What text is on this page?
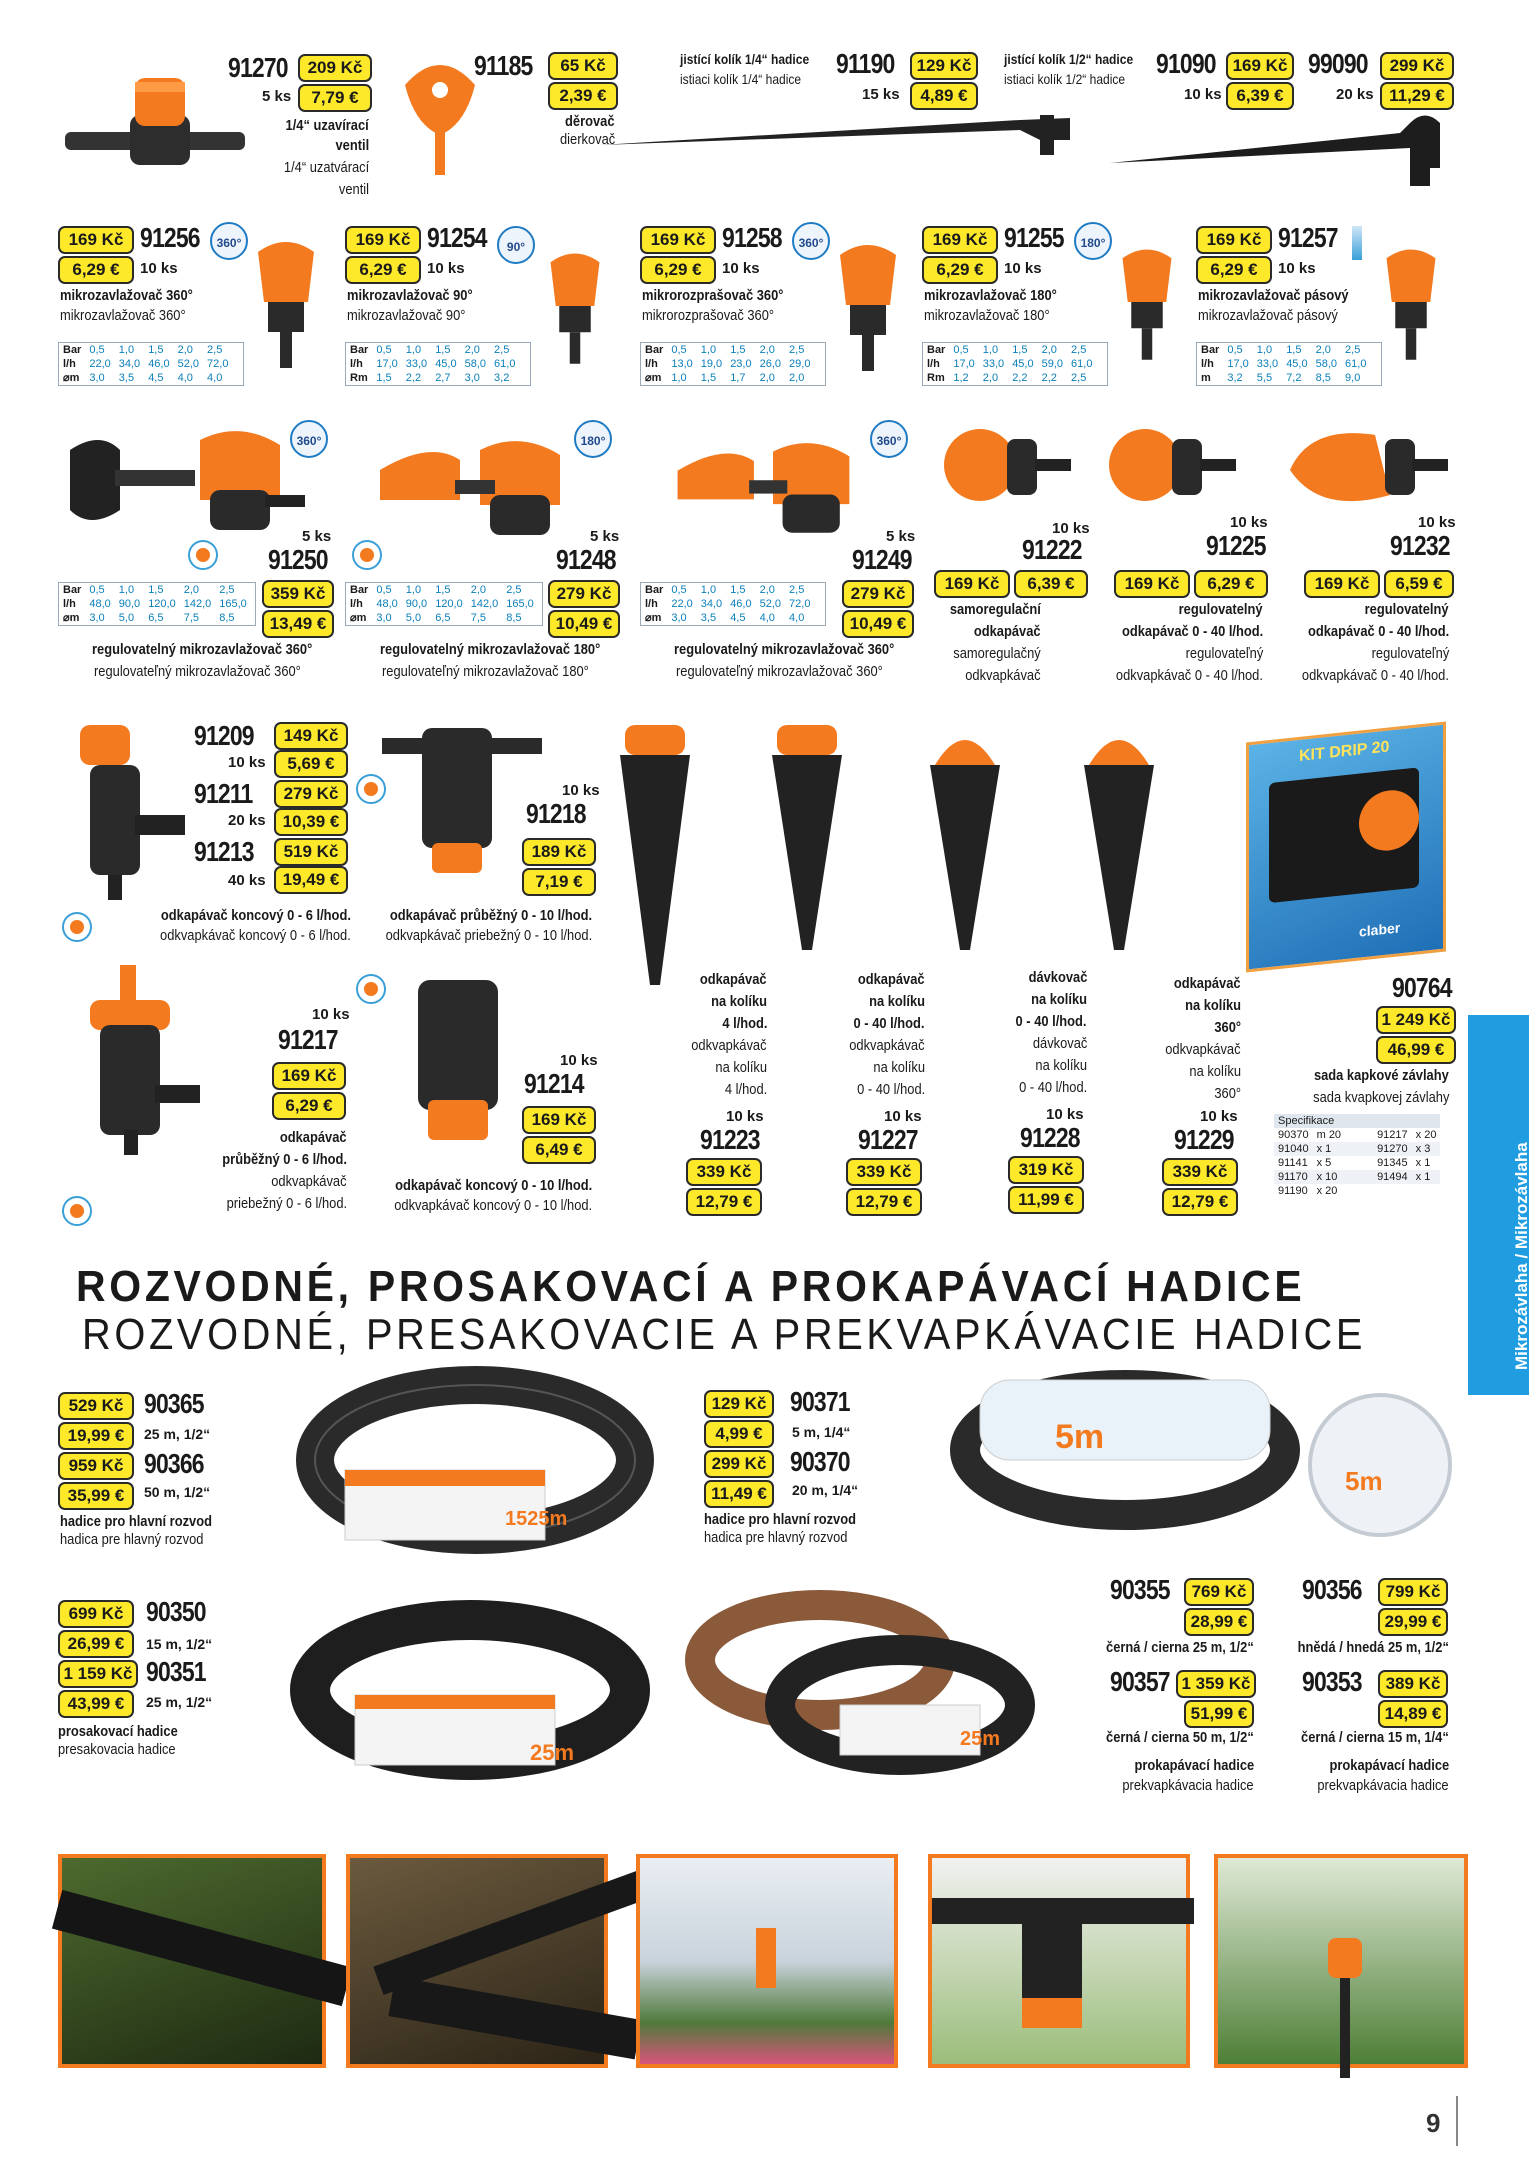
91270	209 Kč
5 ks	7,79 €
1/4“ uzavírací
ventil
1/4“ uzatvárací
ventil
91185	65 Kč
2,39 €
děrovač
dierkovač
jistící kolík 1/4“ hadice
istiaci kolík 1/4“ hadice 91190	129 Kč
15 ks	4,89 €
jistící kolík 1/2“ hadice
istiaci kolík 1/2“ hadice 91090 169 Kč
10 ks 6,39 €
99090	299 Kč
20 ks 11,29 €
169 Kč 91256	360°
6,29 €	10 ks
mikrozavlažovač 360°
mikrozavlažovač 360°
Bar	0,5	1,0	1,5	2,0	2,5
l/h	22,0	34,0	46,0	52,0	72,0
⌀m	3,0	3,5	4,5	4,0	4,0
169 Kč 91254	90°
6,29 €	10 ks
mikrozavlažovač 90°
mikrozavlažovač 90°
Bar	0,5	1,0	1,5	2,0	2,5
l/h	17,0	33,0	45,0	58,0	61,0
Rm	1,5	2,2	2,7	3,0	3,2
169 Kč 91258	360°
6,29 €	10 ks
mikrorozprašovač 360°
mikrorozprašovač 360°
Bar	0,5	1,0	1,5	2,0	2,5
l/h	13,0	19,0	23,0	26,0	29,0
⌀m	1,0	1,5	1,7	2,0	2,0
169 Kč 91255	180°
6,29 €	10 ks
mikrozavlažovač 180°
mikrozavlažovač 180°
Bar	0,5	1,0	1,5	2,0	2,5
l/h	17,0	33,0	45,0	59,0	61,0
Rm	1,2	2,0	2,2	2,2	2,5
169 Kč 91257
6,29 €	10 ks
mikrozavlažovač pásový
mikrozavlažovač pásový
Bar	0,5	1,0	1,5	2,0	2,5
l/h	17,0	33,0	45,0	58,0	61,0
m	3,2	5,5	7,2	8,5	9,0
360°
5 ks
91250
Bar	0,5	1,0	1,5	2,0	2,5
l/h	48,0	90,0	120,0	142,0	165,0
⌀m	3,0	5,0	6,5	7,5	8,5
359 Kč
13,49 €
regulovatelný mikrozavlažovač 360°
regulovateľný mikrozavlažovač 360°
180°
5 ks
91248
Bar	0,5	1,0	1,5	2,0	2,5
l/h	48,0	90,0	120,0	142,0	165,0
⌀m	3,0	5,0	6,5	7,5	8,5
279 Kč
10,49 €
regulovatelný mikrozavlažovač 180°
regulovateľný mikrozavlažovač 180°
360°
5 ks
91249
Bar	0,5	1,0	1,5	2,0	2,5
l/h	22,0	34,0	46,0	52,0	72,0
⌀m	3,0	3,5	4,5	4,0	4,0
279 Kč
10,49 €
regulovatelný mikrozavlažovač 360°
regulovateľný mikrozavlažovač 360°
10 ks
91222
169 Kč	6,39 €
samoregulační
odkapávač
samoregulačný
odkvapkávač
10 ks
91225
169 Kč	6,29 €
regulovatelný
odkapávač 0 - 40 l/hod.
regulovateľný
odkvapkávač 0 - 40 l/hod.
10 ks
91232
169 Kč	6,59 €
regulovatelný
odkapávač 0 - 40 l/hod.
regulovateľný
odkvapkávač 0 - 40 l/hod.
91209	149 Kč
10 ks	5,69 €
91211	279 Kč
20 ks	10,39 €
91213	519 Kč
40 ks	19,49 €
odkapávač koncový 0 - 6 l/hod.
odkvapkávač koncový 0 - 6 l/hod.
10 ks
91218
189 Kč
7,19 €
odkapávač průběžný 0 - 10 l/hod.
odkvapkávač priebežný 0 - 10 l/hod.
10 ks
91217
169 Kč
6,29 €
odkapávač
průběžný 0 - 6 l/hod.
odkvapkávač
priebežný 0 - 6 l/hod.
10 ks
91214
169 Kč
6,49 €
odkapávač koncový 0 - 10 l/hod.
odkvapkávač koncový 0 - 10 l/hod.
odkapávač
na kolíku
4 l/hod.
odkvapkávač
na kolíku
4 l/hod.
10 ks
91223
339 Kč
12,79 €
odkapávač
na kolíku
0 - 40 l/hod.
odkvapkávač
na kolíku
0 - 40 l/hod.
10 ks
91227
339 Kč
12,79 €
dávkovač
na kolíku
0 - 40 l/hod.
dávkovač
na kolíku
0 - 40 l/hod.
10 ks
91228
319 Kč
11,99 €
odkapávač
na kolíku
360°
odkvapkávač
na kolíku
360°
10 ks
91229
339 Kč
12,79 €
KIT DRIP 20
claber
90764
1 249 Kč
46,99 €
sada kapkové závlahy
sada kvapkovej závlahy
Specifikace
90370	m 20		91217	x 20
91040	x 1		91270	x 3
91141	x 5		91345	x 1
91170	x 10		91494	x 1
91190	x 20				Mikrozávlaha / Mikrozávlaha
ROZVODNÉ, PROSAKOVACÍ A PROKAPÁVACÍ HADICE
ROZVODNÉ, PRESAKOVACIE A PREKVAPKÁVACIE HADICE
529 Kč 90365
19,99 €	25 m, 1/2“
959 Kč 90366
35,99 €	50 m, 1/2“
hadice pro hlavní rozvod
hadica pre hlavný rozvod
1525m
129 Kč 90371
4,99 €	5 m, 1/4“
299 Kč 90370
11,49 €	20 m, 1/4“
hadice pro hlavní rozvod
hadica pre hlavný rozvod
5m
claber	5m
699 Kč 90350
26,99 €	15 m, 1/2“
1 159 Kč 90351
43,99 €	25 m, 1/2“
prosakovací hadice
presakovacia hadice	25m
25m
90355	769 Kč
28,99 €
černá / cierna 25 m, 1/2“
90357 1 359 Kč
51,99 €
černá / cierna 50 m, 1/2“
prokapávací hadice
prekvapkávacia hadice
90356	799 Kč
29,99 €
hnědá / hnedá 25 m, 1/2“
90353	389 Kč
14,89 €
černá / cierna 15 m, 1/4“
prokapávací hadice
prekvapkávacia hadice
9
